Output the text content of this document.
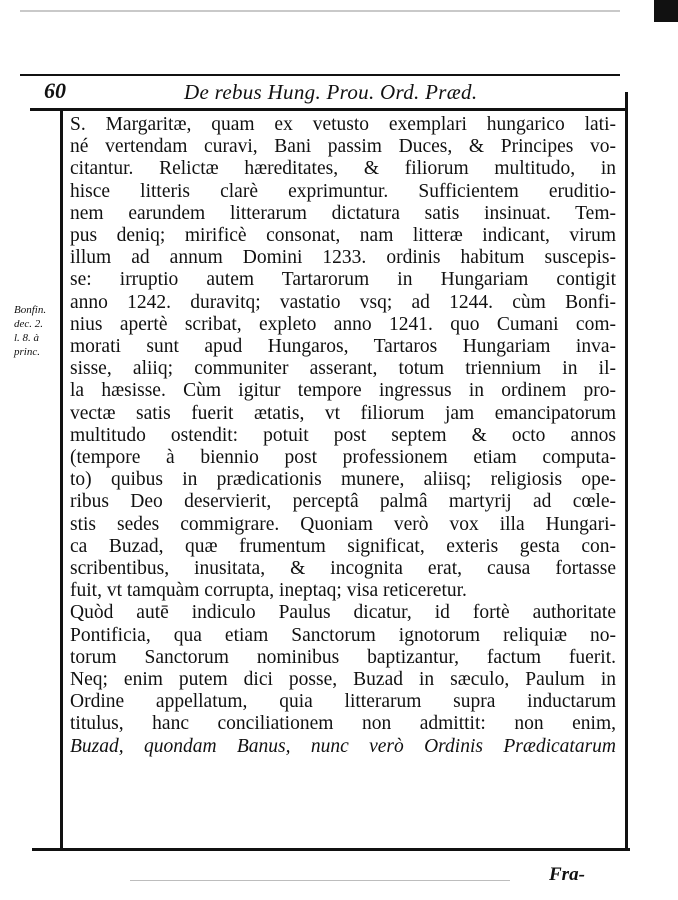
60	De rebus Hung. Prou. Ord. Præd.
Bonfin.
dec. 2.
l. 8. à
princ.
S. Margaritæ, quam ex vetusto exemplari hungarico lati-
né vertendam curavi, Bani passim Duces, & Principes vo-
citantur. Relictæ hæreditates, & filiorum multitudo, in
hisce litteris clarè exprimuntur. Sufficientem eruditio-
nem earundem litterarum dictatura satis insinuat. Tem-
pus deniq; mirificè consonat, nam litteræ indicant, virum
illum ad annum Domini 1233. ordinis habitum suscepis-
se: irruptio autem Tartarorum in Hungariam contigit
anno 1242. duravitq; vastatio vsq; ad 1244. cùm Bonfi-
nius apertè scribat, expleto anno 1241. quo Cumani com-
morati sunt apud Hungaros, Tartaros Hungariam inva-
sisse, aliiq; communiter asserant, totum triennium in il-
la hæsisse. Cùm igitur tempore ingressus in ordinem pro-
vectæ satis fuerit ætatis, vt filiorum jam emancipatorum
multitudo ostendit: potuit post septem & octo annos
(tempore à biennio post professionem etiam computa-
to) quibus in prædicationis munere, aliisq; religiosis ope-
ribus Deo deservierit, perceptâ palmâ martyrij ad cœle-
stis sedes commigrare. Quoniam verò vox illa Hungari-
ca Buzad, quæ frumentum significat, exteris gesta con-
scribentibus, inusitata, & incognita erat, causa fortasse
fuit, vt tamquàm corrupta, ineptaq; visa reticeretur.
Quòd autē indiculo Paulus dicatur, id fortè authoritate
Pontificia, qua etiam Sanctorum ignotorum reliquiæ no-
torum Sanctorum nominibus baptizantur, factum fuerit.
Neq; enim putem dici posse, Buzad in sæculo, Paulum in
Ordine appellatum, quia litterarum supra inductarum
titulus, hanc conciliationem non admittit: non enim,
Buzad, quondam Banus, nunc verò Ordinis Prædicatarum
Fra-
